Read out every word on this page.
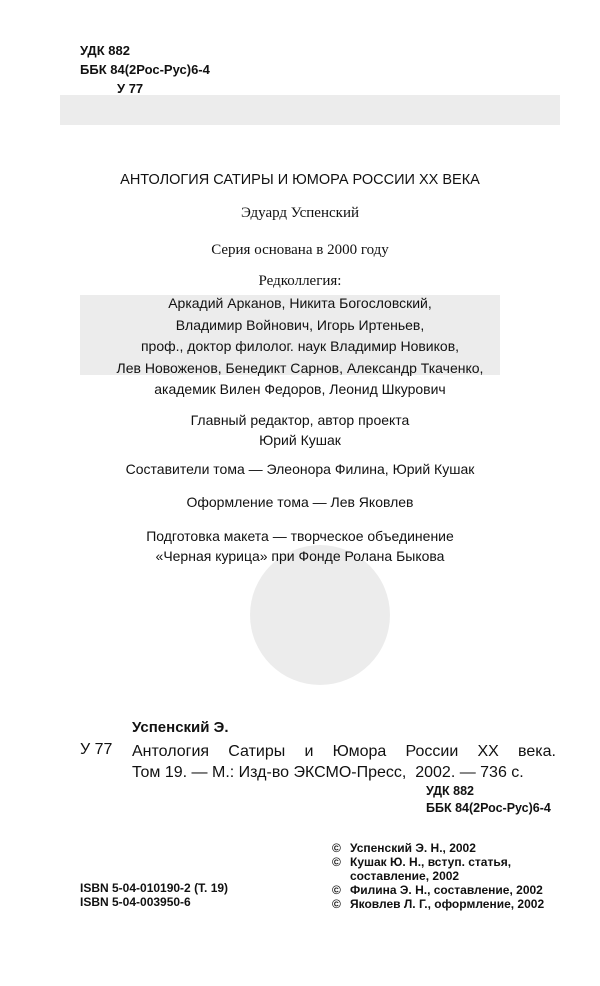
УДК 882
ББК 84(2Рос-Рус)6-4
У 77
АНТОЛОГИЯ САТИРЫ И ЮМОРА РОССИИ XX ВЕКА
Эдуард Успенский
Серия основана в 2000 году
Редколлегия:
Аркадий Арканов, Никита Богословский,
Владимир Войнович, Игорь Иртеньев,
проф., доктор филолог. наук Владимир Новиков,
Лев Новоженов, Бенедикт Сарнов, Александр Ткаченко,
академик Вилен Федоров, Леонид Шкурович
Главный редактор, автор проекта
Юрий Кушак
Составители тома — Элеонора Филина, Юрий Кушак
Оформление тома — Лев Яковлев
Подготовка макета — творческое объединение
«Черная курица» при Фонде Ролана Быкова
Успенский Э.
У 77 Антология Сатиры и Юмора России XX века.
Том 19. — М.: Изд-во ЭКСМО-Пресс,  2002. — 736 с.
УДК 882
ББК 84(2Рос-Рус)6-4
© Успенский Э. Н., 2002
© Кушак Ю. Н., вступ. статья,
составление, 2002
© Филина Э. Н., составление, 2002
© Яковлев Л. Г., оформление, 2002
ISBN 5-04-010190-2 (Т. 19)
ISBN 5-04-003950-6
